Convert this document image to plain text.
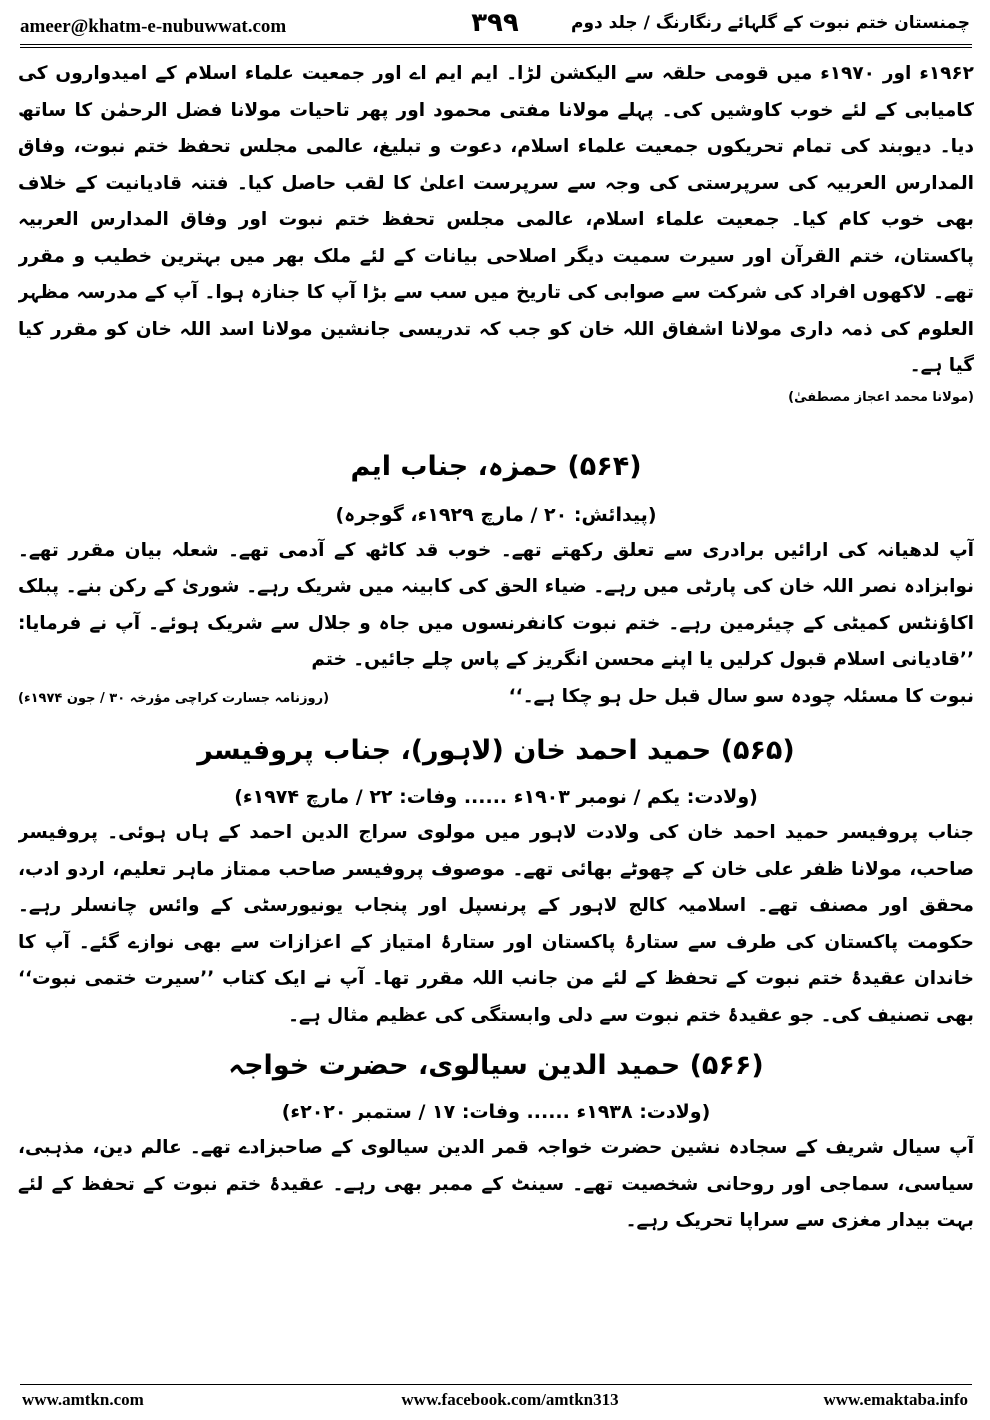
ameer@khatm-e-nubuwwat.com	۳۹۹	چمنستان ختم نبوت کے گلہائے رنگارنگ / جلد دوم

۱۹۶۲ء اور ۱۹۷۰ء میں قومی حلقہ سے الیکشن لڑا۔ ایم ایم اے اور جمعیت علماء اسلام کے امیدواروں کی کامیابی کے لئے خوب کاوشیں کی۔ پہلے مولانا مفتی محمود اور پھر تاحیات مولانا فضل الرحمٰن کا ساتھ دیا۔ دیوبند کی تمام تحریکوں جمعیت علماء اسلام، دعوت و تبلیغ، عالمی مجلس تحفظ ختم نبوت، وفاق المدارس العربیہ کی سرپرستی کی وجہ سے سرپرست اعلیٰ کا لقب حاصل کیا۔ فتنہ قادیانیت کے خلاف بھی خوب کام کیا۔ جمعیت علماء اسلام، عالمی مجلس تحفظ ختم نبوت اور وفاق المدارس العربیہ پاکستان، ختم القرآن اور سیرت سمیت دیگر اصلاحی بیانات کے لئے ملک بھر میں بہترین خطیب و مقرر تھے۔ لاکھوں افراد کی شرکت سے صوابی کی تاریخ میں سب سے بڑا آپ کا جنازہ ہوا۔ آپ کے مدرسہ مظہر العلوم کی ذمہ داری مولانا اشفاق اللہ خان کو جب کہ تدریسی جانشین مولانا اسد اللہ خان کو مقرر کیا گیا ہے۔

(مولانا محمد اعجاز مصطفیٰ)

(۵۶۴) حمزہ، جناب ایم
(پیدائش: ۲۰ / مارچ ۱۹۲۹ء، گوجرہ)

آپ لدھیانہ کی ارائیں برادری سے تعلق رکھتے تھے۔ خوب قد کاٹھ کے آدمی تھے۔ شعلہ بیان مقرر تھے۔ نوابزادہ نصر اللہ خان کی پارٹی میں رہے۔ ضیاء الحق کی کابینہ میں شریک رہے۔ شوریٰ کے رکن بنے۔ پبلک اکاؤنٹس کمیٹی کے چیئرمین رہے۔ ختم نبوت کانفرنسوں میں جاہ و جلال سے شریک ہوئے۔ آپ نے فرمایا: ’’قادیانی اسلام قبول کرلیں یا اپنے محسن انگریز کے پاس چلے جائیں۔ ختم

نبوت کا مسئلہ چودہ سو سال قبل حل ہو چکا ہے۔‘‘
(روزنامہ جسارت کراچی مؤرخہ ۳۰ / جون ۱۹۷۴ء)
(۵۶۵) حمید احمد خان (لاہور)، جناب پروفیسر
(ولادت: یکم / نومبر ۱۹۰۳ء ...... وفات: ۲۲ / مارچ ۱۹۷۴ء)

جناب پروفیسر حمید احمد خان کی ولادت لاہور میں مولوی سراج الدین احمد کے ہاں ہوئی۔ پروفیسر صاحب، مولانا ظفر علی خان کے چھوٹے بھائی تھے۔ موصوف پروفیسر صاحب ممتاز ماہر تعلیم، اردو ادب، محقق اور مصنف تھے۔ اسلامیہ کالج لاہور کے پرنسپل اور پنجاب یونیورسٹی کے وائس چانسلر رہے۔ حکومت پاکستان کی طرف سے ستارۂ پاکستان اور ستارۂ امتیاز کے اعزازات سے بھی نوازے گئے۔ آپ کا خاندان عقیدۂ ختم نبوت کے تحفظ کے لئے من جانب اللہ مقرر تھا۔ آپ نے ایک کتاب ’’سیرت ختمی نبوت‘‘ بھی تصنیف کی۔ جو عقیدۂ ختم نبوت سے دلی وابستگی کی عظیم مثال ہے۔

(۵۶۶) حمید الدین سیالوی، حضرت خواجہ
(ولادت: ۱۹۳۸ء ...... وفات: ۱۷ / ستمبر ۲۰۲۰ء)

آپ سیال شریف کے سجادہ نشین حضرت خواجہ قمر الدین سیالوی کے صاحبزادے تھے۔ عالم دین، مذہبی، سیاسی، سماجی اور روحانی شخصیت تھے۔ سینٹ کے ممبر بھی رہے۔ عقیدۂ ختم نبوت کے تحفظ کے لئے بہت بیدار مغزی سے سراپا تحریک رہے۔

www.amtkn.com	www.facebook.com/amtkn313	www.emaktaba.info
